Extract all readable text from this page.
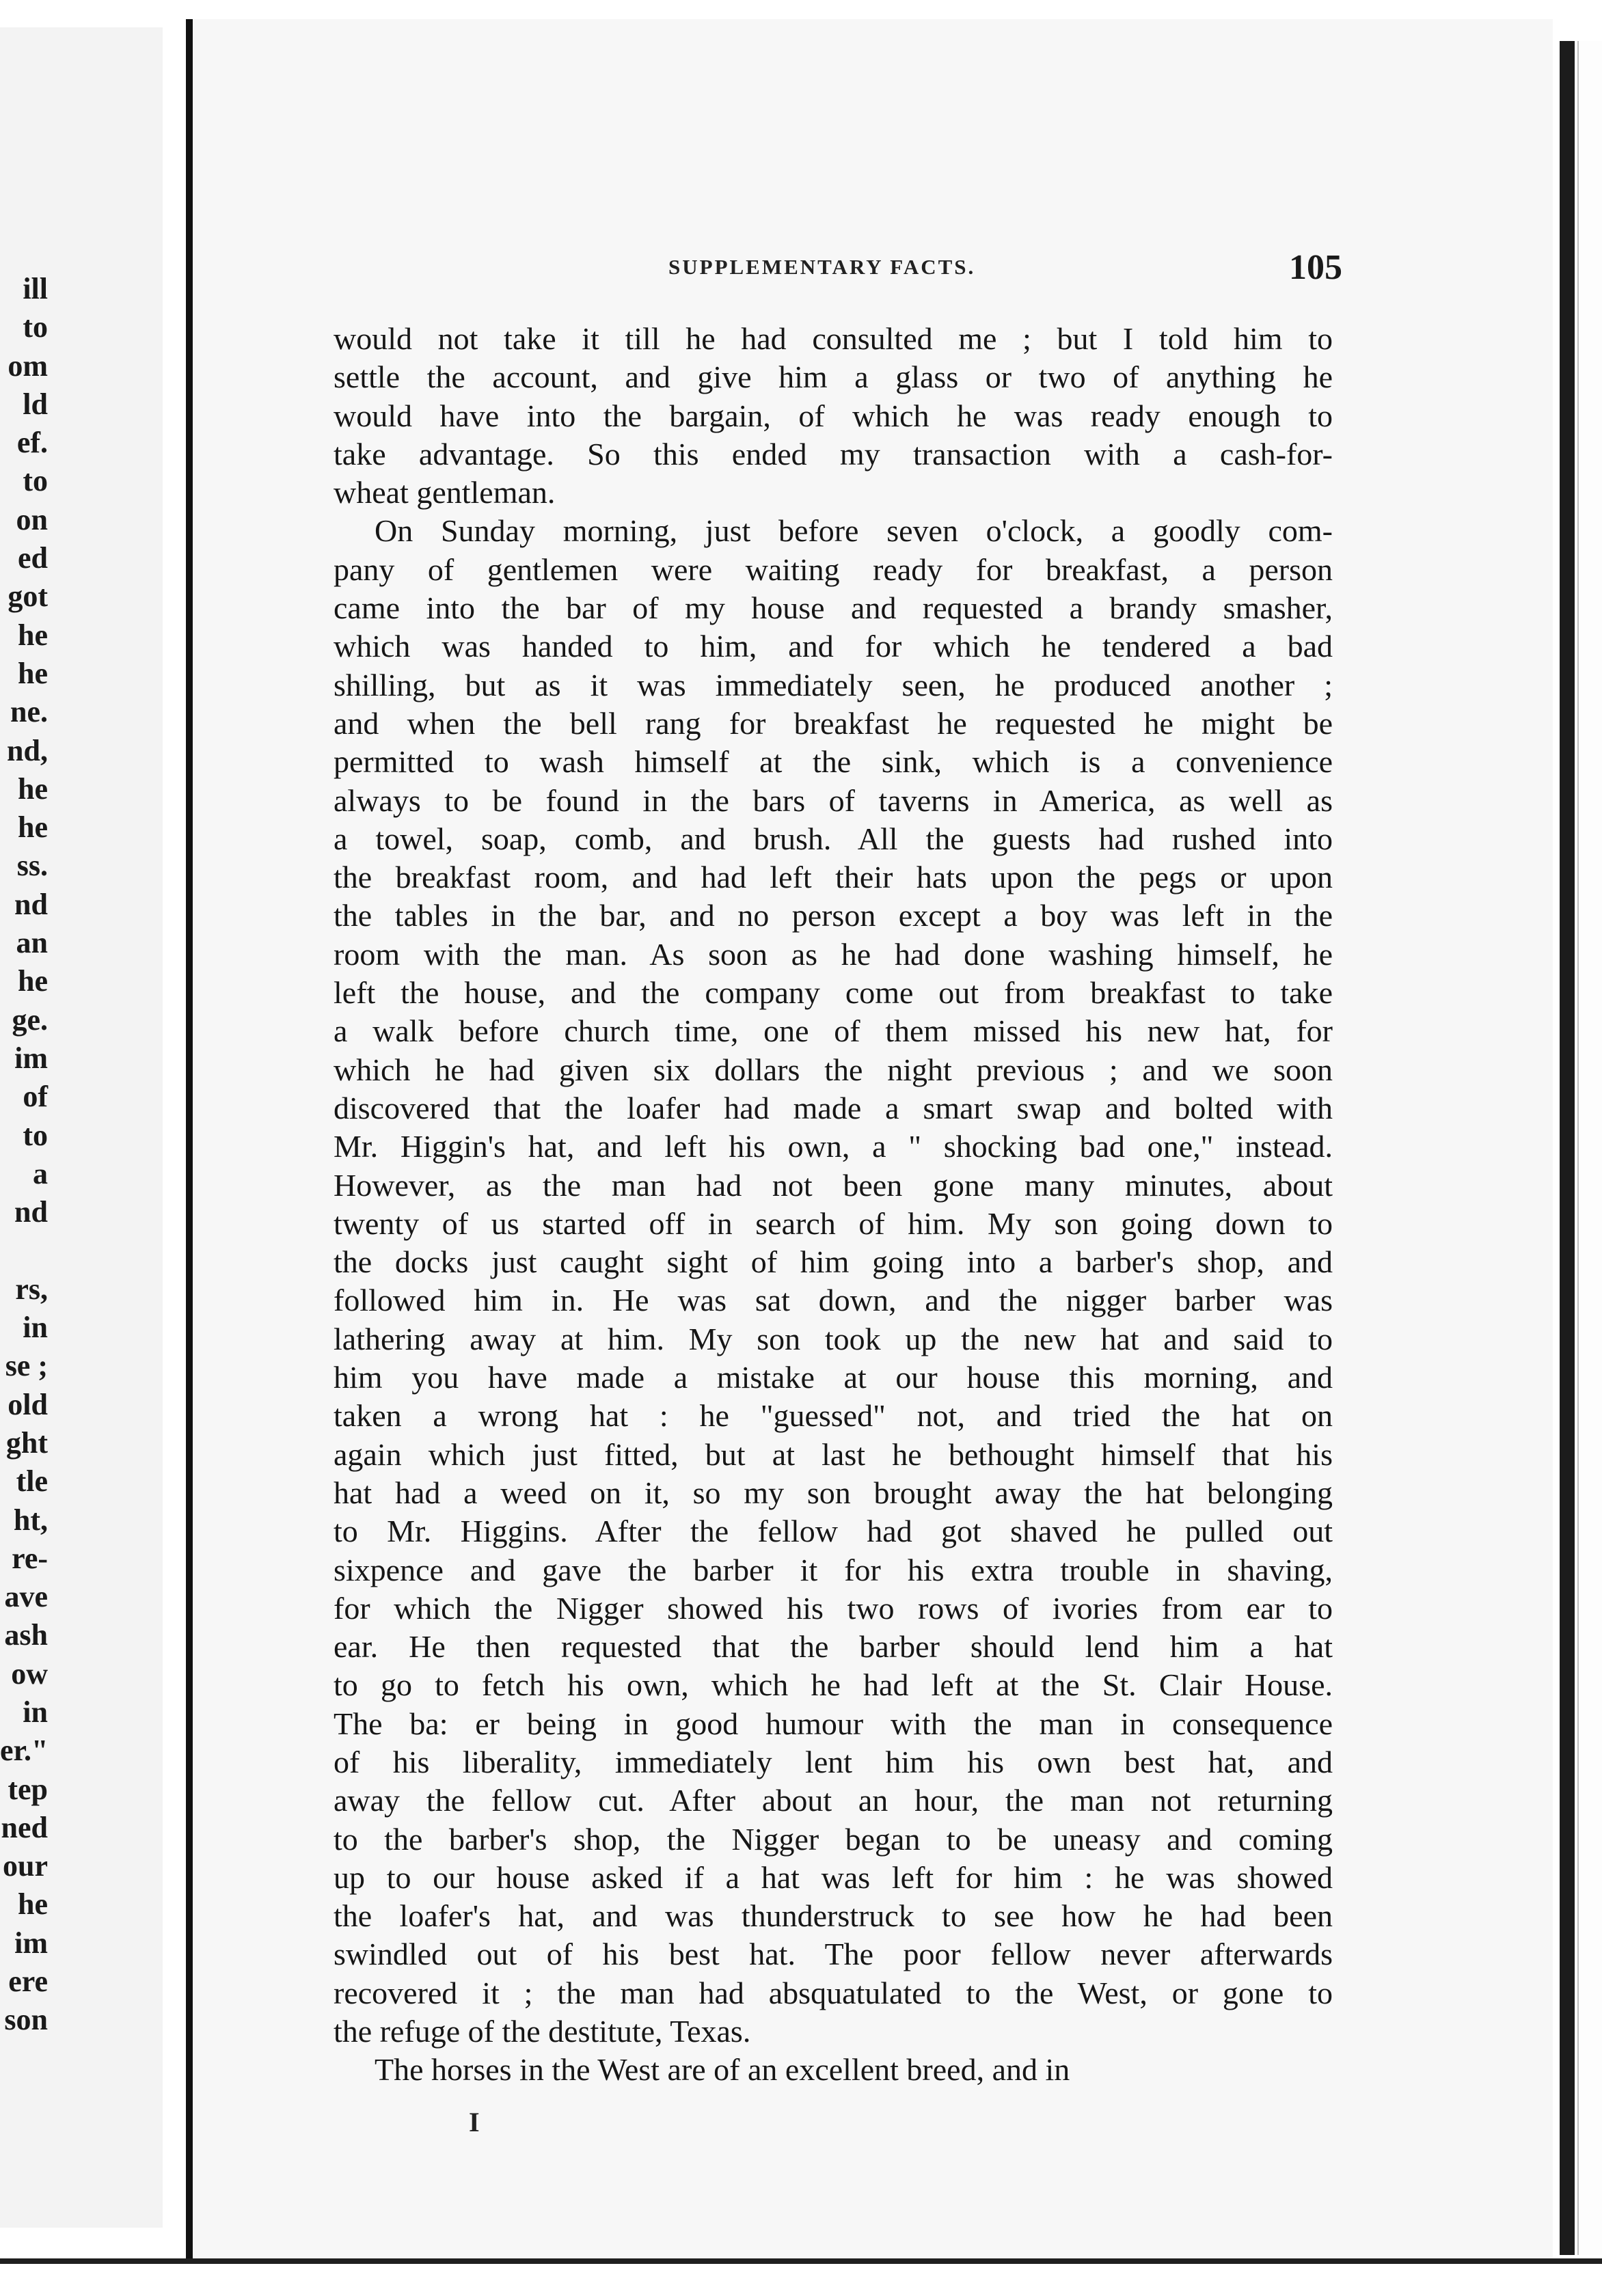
ill
to
om
ld
ef.
to
on
ed
got
he
he
ne.
nd,
he
he
ss.
nd
an
he
ge.
im
of
to
a
nd
rs,
in
se ;
old
ght
tle
ht,
re-
ave
ash
ow
in
er."
tep
ned
our
he
im
ere
son
SUPPLEMENTARY FACTS.	105
would not take it till he had consulted me ; but I told him to
settle the account, and give him a glass or two of anything he
would have into the bargain, of which he was ready enough to
take advantage. So this ended my transaction with a cash-for-
wheat gentleman.
On Sunday morning, just before seven o'clock, a goodly com-
pany of gentlemen were waiting ready for breakfast, a person
came into the bar of my house and requested a brandy smasher,
which was handed to him, and for which he tendered a bad
shilling, but as it was immediately seen, he produced another ;
and when the bell rang for breakfast he requested he might be
permitted to wash himself at the sink, which is a convenience
always to be found in the bars of taverns in America, as well as
a towel, soap, comb, and brush. All the guests had rushed into
the breakfast room, and had left their hats upon the pegs or upon
the tables in the bar, and no person except a boy was left in the
room with the man. As soon as he had done washing himself, he
left the house, and the company come out from breakfast to take
a walk before church time, one of them missed his new hat, for
which he had given six dollars the night previous ; and we soon
discovered that the loafer had made a smart swap and bolted with
Mr. Higgin's hat, and left his own, a " shocking bad one," instead.
However, as the man had not been gone many minutes, about
twenty of us started off in search of him. My son going down to
the docks just caught sight of him going into a barber's shop, and
followed him in. He was sat down, and the nigger barber was
lathering away at him. My son took up the new hat and said to
him you have made a mistake at our house this morning, and
taken a wrong hat : he "guessed" not, and tried the hat on
again which just fitted, but at last he bethought himself that his
hat had a weed on it, so my son brought away the hat belonging
to Mr. Higgins. After the fellow had got shaved he pulled out
sixpence and gave the barber it for his extra trouble in shaving,
for which the Nigger showed his two rows of ivories from ear to
ear. He then requested that the barber should lend him a hat
to go to fetch his own, which he had left at the St. Clair House.
The ba: er being in good humour with the man in consequence
of his liberality, immediately lent him his own best hat, and
away the fellow cut. After about an hour, the man not returning
to the barber's shop, the Nigger began to be uneasy and coming
up to our house asked if a hat was left for him : he was showed
the loafer's hat, and was thunderstruck to see how he had been
swindled out of his best hat. The poor fellow never afterwards
recovered it ; the man had absquatulated to the West, or gone to
the refuge of the destitute, Texas.
The horses in the West are of an excellent breed, and in
I
